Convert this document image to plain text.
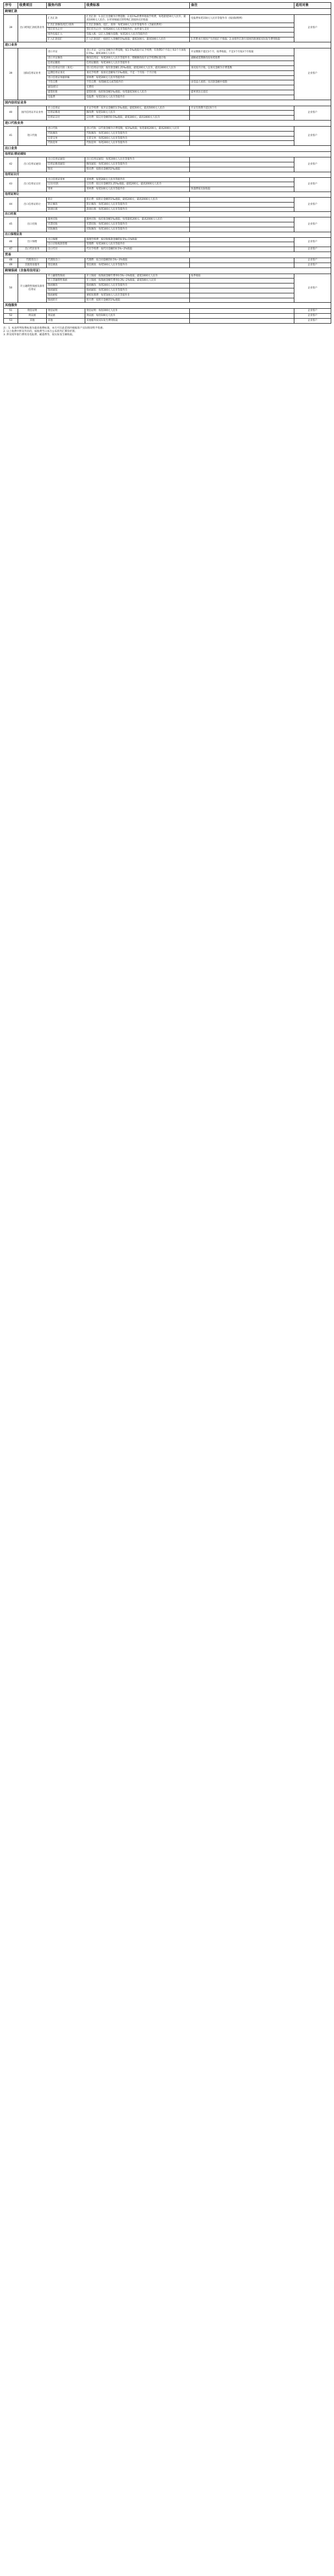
序号	收费项目	服务内容	收费标准	备注	适用对象
跨境汇款					
39	出口跨境汇款结算业务	汇出汇款	汇出汇款：1.以汇出金额为计费基数；2.按1‰的费率收取手续费，每笔最低50元人民币，最高1000元人民币；3.经审核通过的特殊汇款按协议价收取	电报费每笔150元人民币等值外币（按国际惯例）	企业客户
		汇出汇款修改/退汇/查询	汇出汇款修改、退汇、查询：每笔100元人民币等值外币（含通讯费用）		
		票汇挂失止付	票汇挂失止付：每笔200元人民币等值外币，由申请人支付		
		境外电报汇入	电报入账：以汇入金额为基数，每笔20元人民币等值外币		
		汇入汇款退汇	汇入汇款退汇：按原汇入金额的1‰收取，最低100元，最高500元人民币	1.若系本行原因产生的退汇不收取；2.由境外汇款行退回的款项按实际发生费用收取	
进口业务					
39	国际信用证业务	进口开证	进口开证：以开证金额为计费基数，按1.5‰收取开证手续费，有效期3个月以上每3个月加收0.5‰；最低300元人民币	开证期限不超过3个月，按季收取，不足3个月按3个月收取	企业客户
		进口开证修改	修改信用证：每笔200元人民币等值外币；增额修改按开证手续费标准计收	减额或延期修改按每笔收费	
		信用证撤销	信用证撤销：每笔300元人民币等值外币		
		进口信用证付款（承兑）	进口信用证付款：按付款金额1.25‰收取，最低200元人民币，最高3000元人民币	承兑按月计收，以承兑金额为计费基数	
		远期信用证承兑	承兑手续费：按承兑金额每月1‰收取，不足一个月按一个月计收		
		进口信用证单据审核	审单费：每笔200元人民币等值外币		
		不符点费	不符点费：每笔80美元或等值外币	由受益人承担，从付款金额中扣除	
		通知/转让	无费用		
		提货担保	提货担保：按担保金额1‰收取，每笔最低500元人民币	提单到达后退还	
		电报费	电报费：每笔150元人民币等值外币		
国内信用证业务					
40	国内信用证开证业务	开立信用证	开证手续费：按开证金额的1.5‰收取，最低500元，最高5000元人民币	开证有效期不超过6个月	企业客户
		信用证修改	修改费：每笔100元人民币		
		信用证议付	议付费：按议付金额的0.5‰收取，最低300元，最高3000元人民币		
进口代收业务					
41	进口代收	进口代收	进口代收：以代收金额为计费基数，按1‰收取，每笔最低200元，最高2000元人民币		企业客户
		代收修改	代收修改：每笔100元人民币等值外币		
		无偿交单	无偿交单：每笔200元人民币等值外币		
		代收退单	代收退单：每笔200元人民币等值外币		
出口业务					
信用证/联动通知					
42	出口信用证通知	出口信用证通知	出口信用证通知：每笔200元人民币等值外币		企业客户
		信用证修改通知	修改通知：每笔100元人民币等值外币		
		保兑	保兑费：按保兑金额的2‰收取		
信用证议付					
43	出口信用证议付	出口信用证审单	审单费：每笔200元人民币等值外币		企业客户
		议付/付款	议付费：按议付金额的1.25‰收取，最低200元，最高2000元人民币		
		寄单	寄单费：每笔100元人民币等值外币	快递费按实际收取	
信用证转让					
44	出口信用证转让	转让	转让费：按转让金额的1‰收取，最低200元，最高2000元人民币		企业客户
		转让修改	转让修改：每笔100元人民币等值外币		
		款项让渡	款项让渡：每笔300元人民币等值外币		
出口托收					
45	出口托收	跟单托收	跟单托收：按托收金额1‰收取，每笔最低200元，最高2000元人民币		企业客户
		光票托收	光票托收：每笔100元人民币等值外币		
		托收修改	托收修改：每笔100元人民币等值外币		
出口保理业务					
46	出口保理	出口保理	保理手续费：按应收账款金额的0.5%~1%收取		企业客户
		出口应收账款管理	管理费：每笔300元人民币等值外币		
47	出口代付业务	出口代付	代付手续费：按代付金额的0.5%~2%收取		企业客户
贸易					
48	代理进出口	代理进出口	代理费：按合同金额的0.5%~3%收取		企业客户
49	其他贸易服务	资信调查	资信调查：每笔500元人民币等值外币		企业客户
跨境保函（含备用信用证）					
50	开立融资性保函及备用信用证	开立融资性保函	开立保函：按保函金额年费率0.5%~3%收取，最低1000元人民币	按季收取	企业客户
		开立非融资性保函	开立保函：按保函金额年费率0.3%~2%收取，最低500元人民币		
		保函修改	保函修改：每笔200元人民币等值外币		
		保函通知	保函通知：每笔300元人民币等值外币		
		保函索赔	索赔处理费：每笔500元人民币等值外币		
		保函转开	转开费：按转开金额的1‰收取		
其他服务					
51	资信证明	资信证明	资信证明：每份200元人民币		企业客户
52	询证函	询证函	询证函：每份100元人民币		企业客户
53	其他	其他	其他服务按实际发生费用收取		企业客户
注：1. 本表所列收费标准为最高收费标准，本行可在此范围内根据客户实际情况给予优惠；
2. 以上收费中涉及外币的，按收费当日本行公布的外汇牌价折算；
3. 涉及境外银行费用及电报费、邮递费等，按实际发生额收取。
